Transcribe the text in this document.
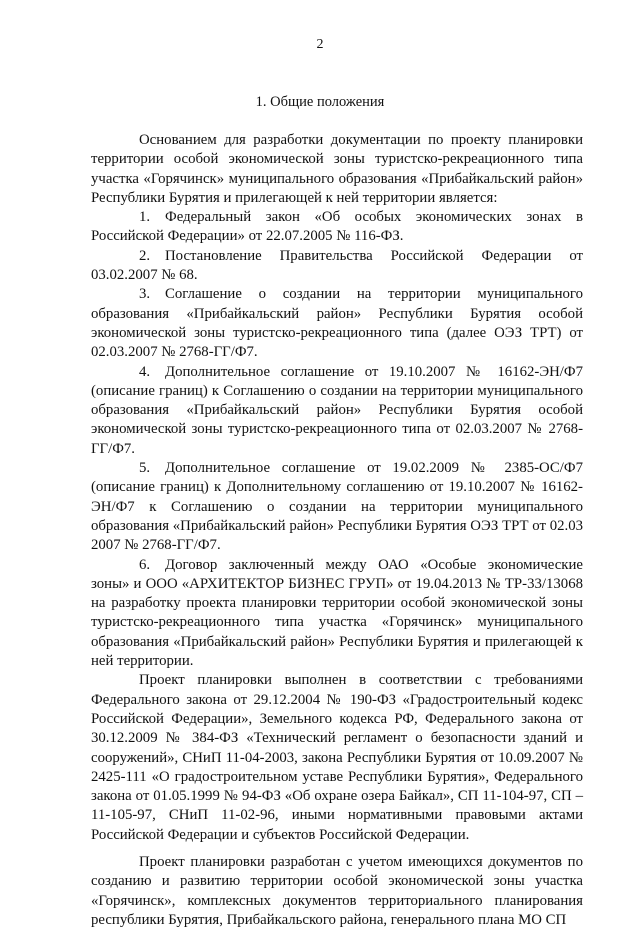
2
1. Общие положения

Основанием для разработки документации по проекту планировки территории особой экономической зоны туристско-рекреационного типа участка «Горячинск» муниципального образования «Прибайкальский район» Республики Бурятия и прилегающей к ней территории является:

1. Федеральный закон «Об особых экономических зонах в Российской Федерации» от 22.07.2005 № 116-ФЗ.

2. Постановление Правительства Российской Федерации от 03.02.2007 № 68.

3. Соглашение о создании на территории муниципального образования «Прибайкальский район» Республики Бурятия особой экономической зоны туристско-рекреационного типа (далее ОЭЗ ТРТ) от 02.03.2007 № 2768-ГГ/Ф7.

4. Дополнительное соглашение от 19.10.2007 № 16162-ЭН/Ф7 (описание границ) к Соглашению о создании на территории муниципального образования «Прибайкальский район» Республики Бурятия особой экономической зоны туристско-рекреационного типа от 02.03.2007 № 2768-ГГ/Ф7.

5. Дополнительное соглашение от 19.02.2009 № 2385-ОС/Ф7 (описание границ) к Дополнительному соглашению от 19.10.2007 № 16162-ЭН/Ф7 к Соглашению о создании на территории муниципального образования «Прибайкальский район» Республики Бурятия ОЭЗ ТРТ от 02.03 2007 № 2768-ГГ/Ф7.

6. Договор заключенный между ОАО «Особые экономические зоны» и ООО «АРХИТЕКТОР БИЗНЕС ГРУП» от 19.04.2013 № ТР-33/13068 на разработку проекта планировки территории особой экономической зоны туристско-рекреационного типа участка «Горячинск» муниципального образования «Прибайкальский район» Республики Бурятия и прилегающей к ней территории.

Проект планировки выполнен в соответствии с требованиями Федерального закона от 29.12.2004 № 190-ФЗ «Градостроительный кодекс Российской Федерации», Земельного кодекса РФ, Федерального закона от 30.12.2009 № 384-ФЗ «Технический регламент о безопасности зданий и сооружений», СНиП 11-04-2003, закона Республики Бурятия от 10.09.2007 № 2425-111 «О градостроительном уставе Республики Бурятия», Федерального закона от 01.05.1999 № 94-ФЗ «Об охране озера Байкал», СП 11-104-97, СП – 11-105-97, СНиП 11-02-96, иными нормативными правовыми актами Российской Федерации и субъектов Российской Федерации.

Проект планировки разработан с учетом имеющихся документов по созданию и развитию территории особой экономической зоны участка «Горячинск», комплексных документов территориального планирования республики Бурятия, Прибайкальского района, генерального плана МО СП
